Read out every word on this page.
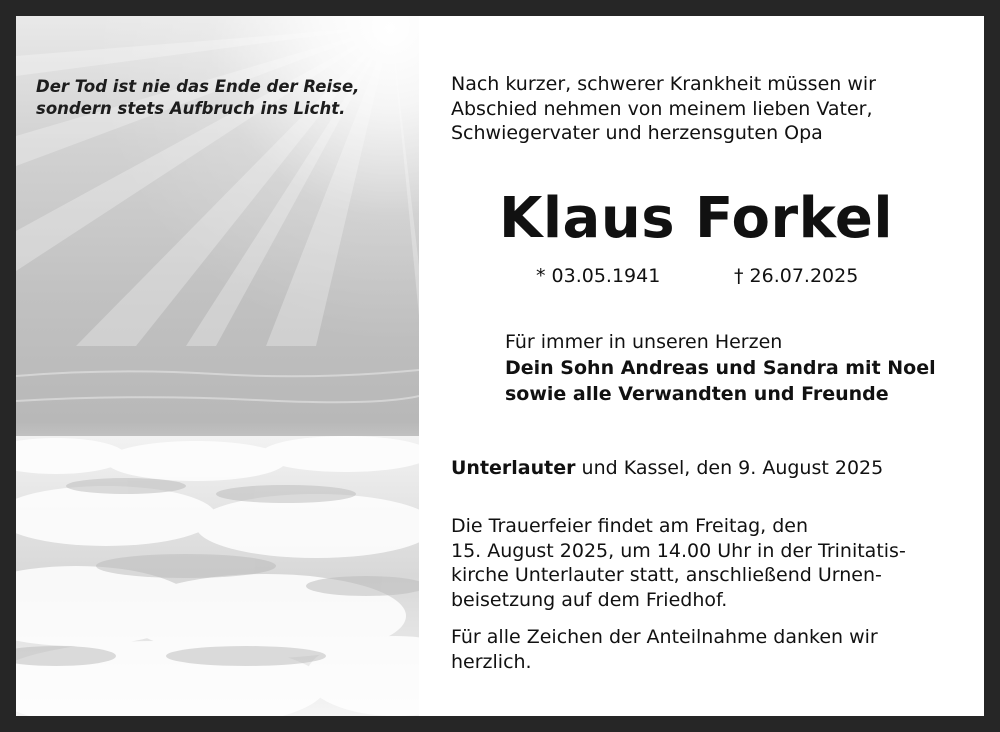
Der Tod ist nie das Ende der Reise,
sondern stets Aufbruch ins Licht.
Nach kurzer, schwerer Krankheit müssen wir
Abschied nehmen von meinem lieben Vater,
Schwiegervater und herzensguten Opa
Klaus Forkel
* 03.05.1941	† 26.07.2025
Für immer in unseren Herzen
Dein Sohn Andreas und Sandra mit Noel
sowie alle Verwandten und Freunde
Unterlauter und Kassel, den 9. August 2025
Die Trauerfeier findet am Freitag, den
15. August 2025, um 14.00 Uhr in der Trinitatis-
kirche Unterlauter statt, anschließend Urnen-
beisetzung auf dem Friedhof.
Für alle Zeichen der Anteilnahme danken wir
herzlich.
